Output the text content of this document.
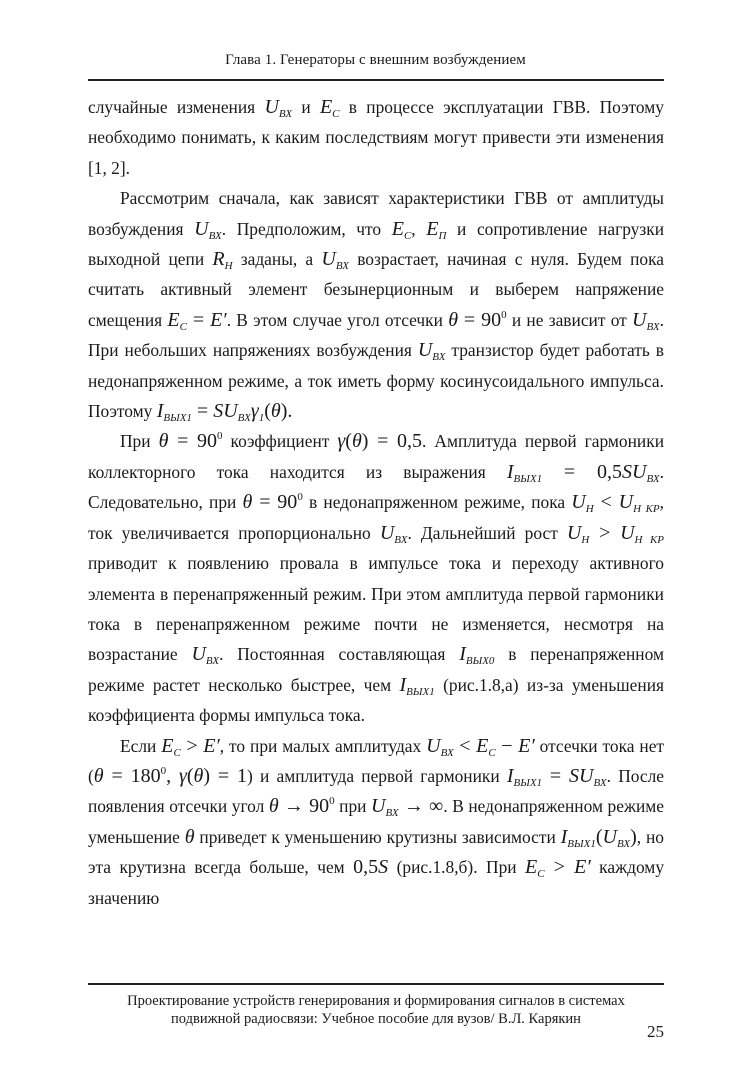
Глава 1. Генераторы с внешним возбуждением

случайные изменения $U_{ВХ}$ и $E_С$ в процессе эксплуатации ГВВ. Поэтому необходимо понимать, к каким последствиям могут привести эти изменения [1, 2].

Рассмотрим сначала, как зависят характеристики ГВВ от амплитуды возбуждения $U_{ВХ}$. Предположим, что $E_С$, $E_П$ и сопротивление нагрузки выходной цепи $R_Н$ заданы, а $U_{ВХ}$ возрастает, начиная с нуля. Будем пока считать активный элемент безынерционным и выберем напряжение смещения $E_С = E'$. В этом случае угол отсечки $\theta = 90^0$ и не зависит от $U_{ВХ}$. При небольших напряжениях возбуждения $U_{ВХ}$ транзистор будет работать в недонапряженном режиме, а ток иметь форму косинусоидального импульса. Поэтому $I_{ВЫХ1} = SU_{ВХ}\gamma_1(\theta)$.

При $\theta = 90^0$ коэффициент γ(θ) = 0,5. Амплитуда первой гармоники коллекторного тока находится из выражения $I_{ВЫХ1} = 0,5SU_{ВХ}$. Следовательно, при $\theta = 90^0$ в недонапряженном режиме, пока $U_Н < U_{Н КР}$, ток увеличивается пропорционально $U_{ВХ}$. Дальнейший рост $U_Н > U_{Н КР}$ приводит к появлению провала в импульсе тока и переходу активного элемента в перенапряженный режим. При этом амплитуда первой гармоники тока в перенапряженном режиме почти не изменяется, несмотря на возрастание $U_{ВХ}$. Постоянная составляющая $I_{ВЫХ0}$ в перенапряженном режиме растет несколько быстрее, чем $I_{ВЫХ1}$ (рис.1.8,а) из-за уменьшения коэффициента формы импульса тока.

Если $E_С > E'$, то при малых амплитудах $U_{ВХ} < E_С - E'$ отсечки тока нет ($\theta = 180^0$, γ(θ) = 1) и амплитуда первой гармоники $I_{ВЫХ1} = SU_{ВХ}$. После появления отсечки угол $\theta \to 90^0$ при $U_{ВХ}$ → ∞. В недонапряженном режиме уменьшение θ приведет к уменьшению крутизны зависимости $I_{ВЫХ1}(U_{ВХ})$, но эта крутизна всегда больше, чем 0,5S (рис.1.8,б). При $E_С > E'$ каждому значению

Проектирование устройств генерирования и формирования сигналов в системах
подвижной радиосвязи: Учебное пособие для вузов/ В.Л. Карякин
25
